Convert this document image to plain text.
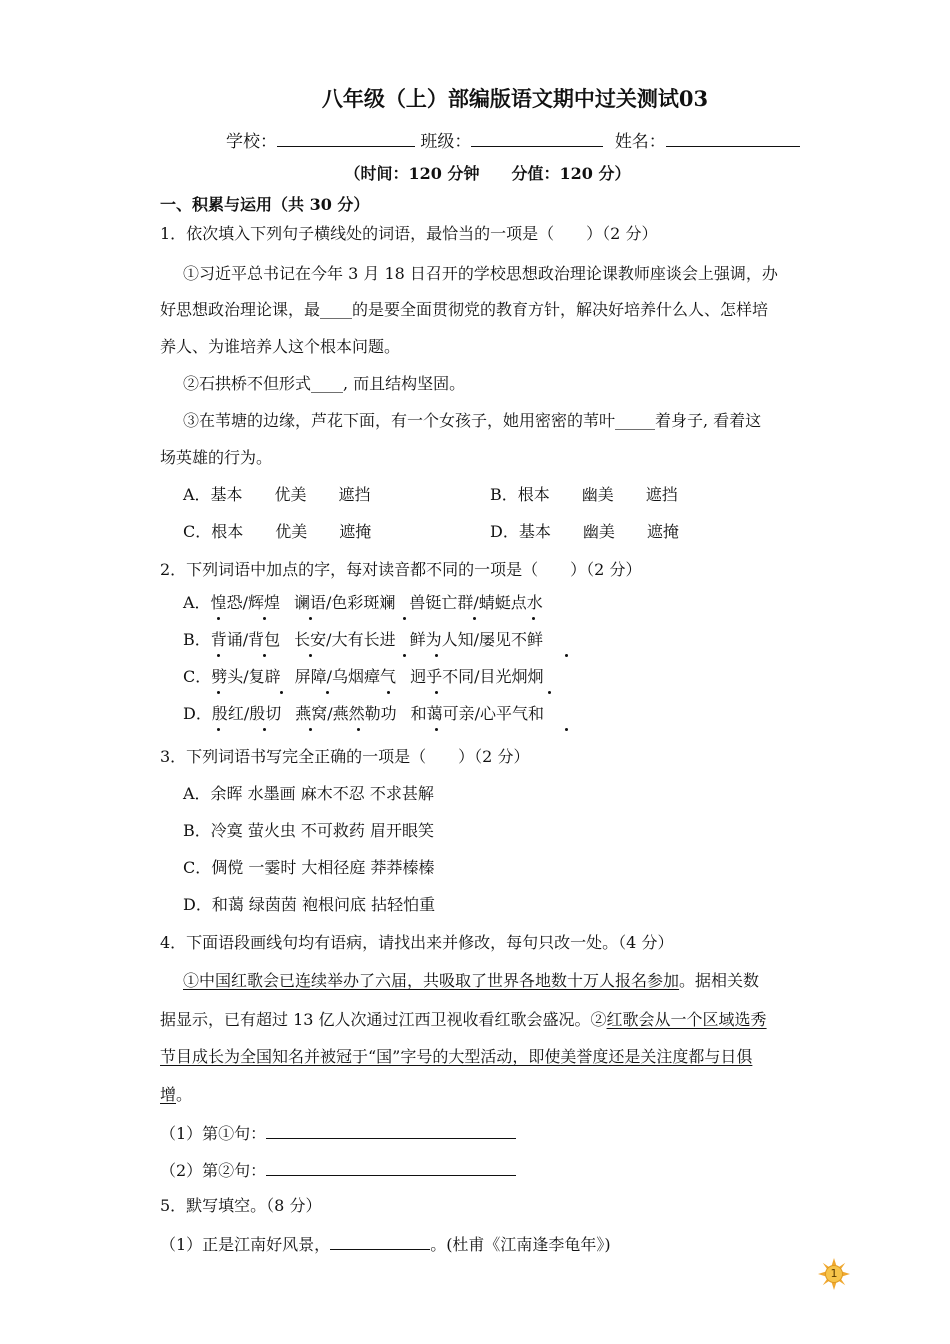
八年级（上）部编版语文期中过关测试03
学校：	班级：	姓名：
（时间：120 分钟　　分值：120 分）
一、积累与运用（共 30 分）
1．依次填入下列句子横线处的词语，最恰当的一项是（　　）（2 分）
①习近平总书记在今年 3 月 18 日召开的学校思想政治理论课教师座谈会上强调，办
好思想政治理论课，最____的是要全面贯彻党的教育方针，解决好培养什么人、怎样培
养人、为谁培养人这个根本问题。
②石拱桥不但形式____, 而且结构坚固。
③在苇塘的边缘，芦花下面，有一个女孩子，她用密密的苇叶_____着身子, 看着这
场英雄的行为。
A．基本　　优美　　遮挡	B．根本　　幽美　　遮挡
C．根本　　优美　　遮掩	D．基本　　幽美　　遮掩
2．下列词语中加点的字，每对读音都不同的一项是（　　）（2 分）
A．惶恐/辉煌 谰语/色彩斑斓 兽铤亡群/蜻蜓点水
B．背诵/背包 长安/大有长进 鲜为人知/屡见不鲜
C．劈头/复辟 屏障/乌烟瘴气 迥乎不同/目光炯炯
D．殷红/殷切 燕窝/燕然勒功 和蔼可亲/心平气和
3．下列词语书写完全正确的一项是（　　）（2 分）
A．余晖 水墨画 麻木不忍 不求甚解
B．冷寞 萤火虫 不可救药 眉开眼笑
C．倜傥 一霎时 大相径庭 莽莽榛榛
D．和蔼 绿茵茵 袍根问底 拈轻怕重
4．下面语段画线句均有语病，请找出来并修改，每句只改一处。（4 分）
①中国红歌会已连续举办了六届，共吸取了世界各地数十万人报名参加。据相关数
据显示，已有超过 13 亿人次通过江西卫视收看红歌会盛况。②红歌会从一个区域选秀
节目成长为全国知名并被冠于“国”字号的大型活动，即使美誉度还是关注度都与日俱
增。
（1）第①句：
（2）第②句：
5．默写填空。（8 分）
（1）正是江南好风景，	。(杜甫《江南逢李龟年》)
1
